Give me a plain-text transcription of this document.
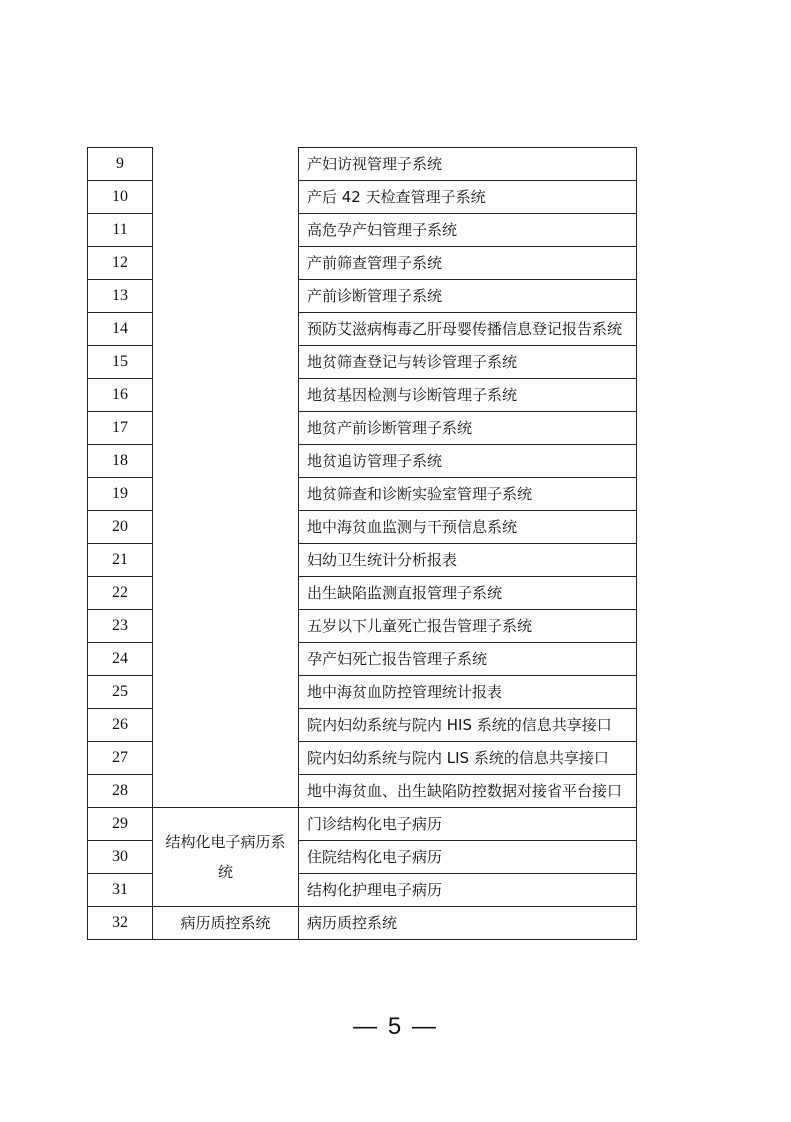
9		产妇访视管理子系统
10		产后 42 天检查管理子系统
11		高危孕产妇管理子系统
12		产前筛查管理子系统
13		产前诊断管理子系统
14		预防艾滋病梅毒乙肝母婴传播信息登记报告系统
15		地贫筛查登记与转诊管理子系统
16		地贫基因检测与诊断管理子系统
17		地贫产前诊断管理子系统
18		地贫追访管理子系统
19		地贫筛查和诊断实验室管理子系统
20		地中海贫血监测与干预信息系统
21		妇幼卫生统计分析报表
22		出生缺陷监测直报管理子系统
23		五岁以下儿童死亡报告管理子系统
24		孕产妇死亡报告管理子系统
25		地中海贫血防控管理统计报表
26		院内妇幼系统与院内 HIS 系统的信息共享接口
27		院内妇幼系统与院内 LIS 系统的信息共享接口
28		地中海贫血、出生缺陷防控数据对接省平台接口
29	结构化电子病历系统	门诊结构化电子病历
30		住院结构化电子病历
31		结构化护理电子病历
32	病历质控系统	病历质控系统
— 5 —
